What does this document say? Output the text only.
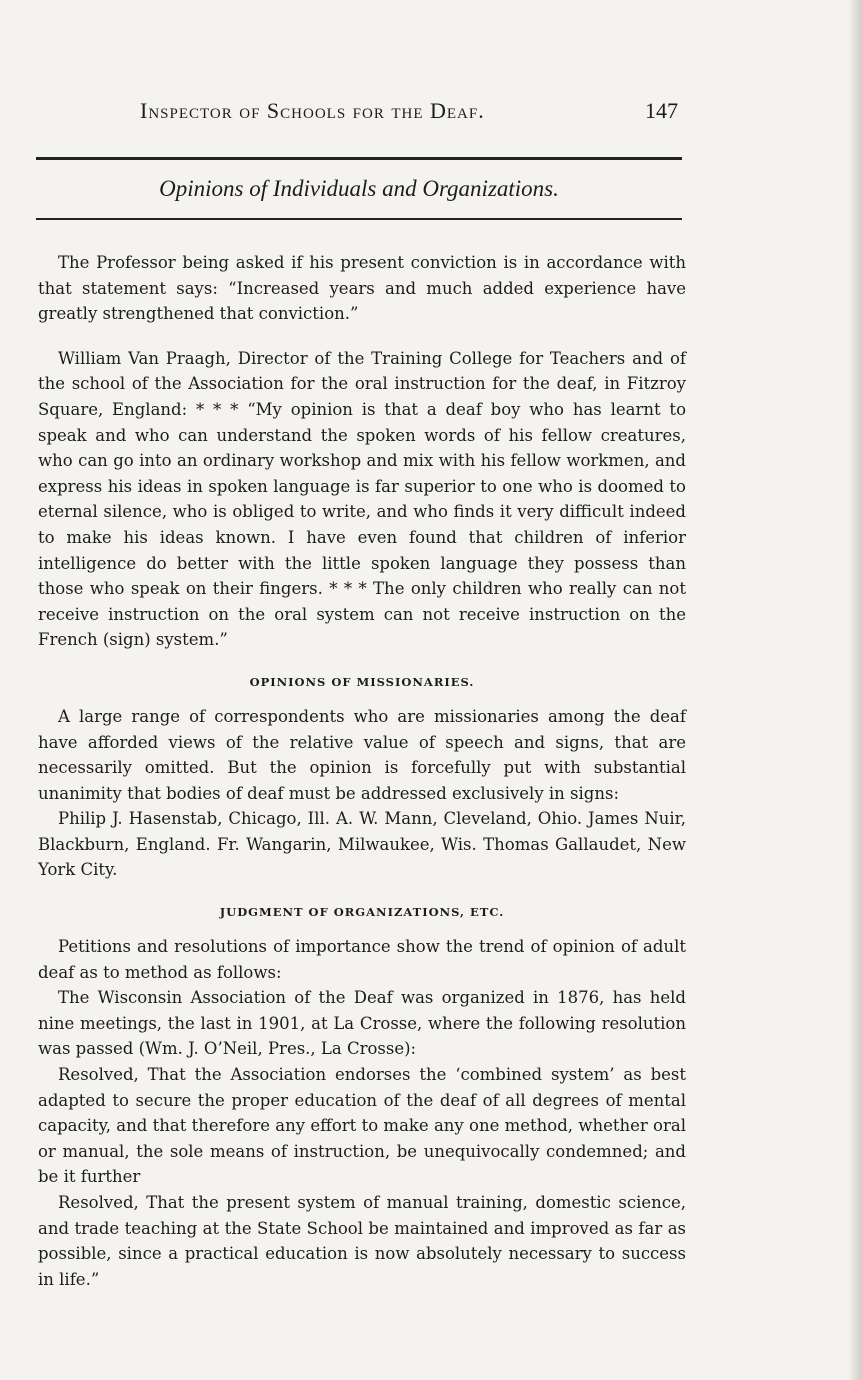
Inspector of Schools for the Deaf.	147
Opinions of Individuals and Organizations.

The Professor being asked if his present conviction is in accordance with that statement says: “Increased years and much added experience have greatly strengthened that conviction.”

William Van Praagh, Director of the Training College for Teachers and of the school of the Association for the oral instruction for the deaf, in Fitzroy Square, England: * * * “My opinion is that a deaf boy who has learnt to speak and who can understand the spoken words of his fellow creatures, who can go into an ordinary workshop and mix with his fellow workmen, and express his ideas in spoken language is far superior to one who is doomed to eternal silence, who is obliged to write, and who finds it very difficult indeed to make his ideas known. I have even found that children of inferior intelligence do better with the little spoken language they possess than those who speak on their fingers. * * * The only children who really can not receive instruction on the oral system can not receive instruction on the French (sign) system.”

OPINIONS OF MISSIONARIES.

A large range of correspondents who are missionaries among the deaf have afforded views of the relative value of speech and signs, that are necessarily omitted. But the opinion is forcefully put with substantial unanimity that bodies of deaf must be addressed exclusively in signs:

Philip J. Hasenstab, Chicago, Ill. A. W. Mann, Cleveland, Ohio. James Nuir, Blackburn, England. Fr. Wangarin, Milwaukee, Wis. Thomas Gallaudet, New York City.

JUDGMENT OF ORGANIZATIONS, ETC.

Petitions and resolutions of importance show the trend of opinion of adult deaf as to method as follows:

The Wisconsin Association of the Deaf was organized in 1876, has held nine meetings, the last in 1901, at La Crosse, where the following resolution was passed (Wm. J. O’Neil, Pres., La Crosse):

Resolved, That the Association endorses the ‘combined system’ as best adapted to secure the proper education of the deaf of all degrees of mental capacity, and that therefore any effort to make any one method, whether oral or manual, the sole means of instruction, be unequivocally condemned; and be it further

Resolved, That the present system of manual training, domestic science, and trade teaching at the State School be maintained and improved as far as possible, since a practical education is now absolutely necessary to success in life.”
